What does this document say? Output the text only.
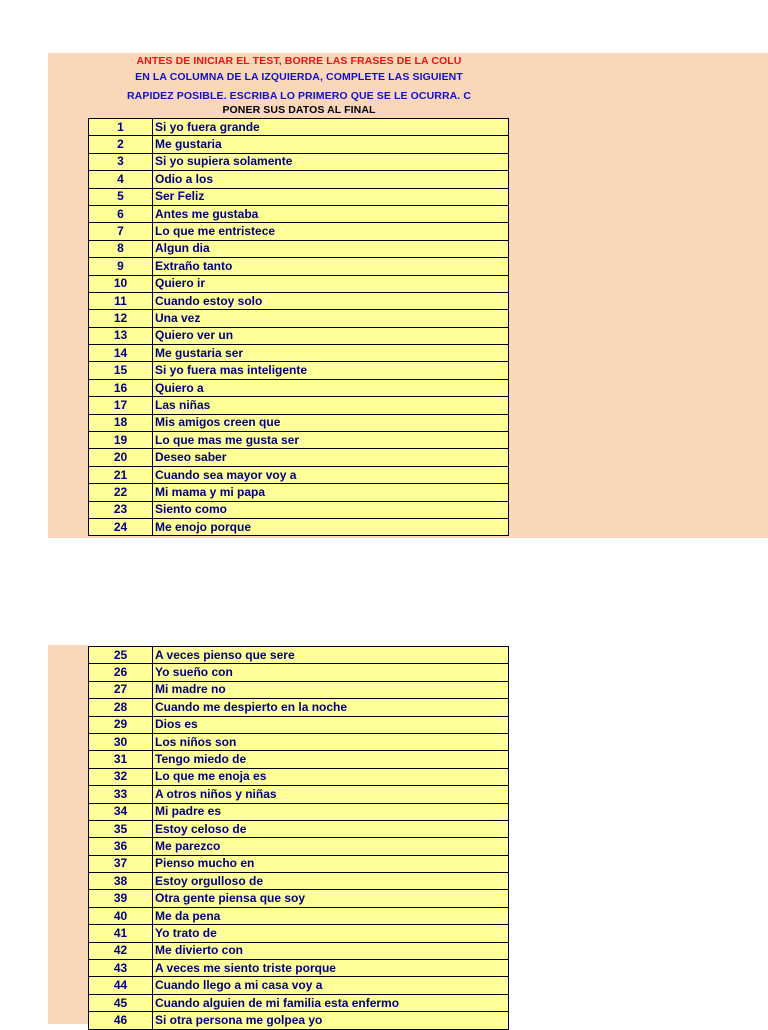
ANTES DE INICIAR EL TEST, BORRE LAS FRASES DE LA COLU
EN LA COLUMNA DE LA IZQUIERDA, COMPLETE LAS SIGUIENT
RAPIDEZ POSIBLE. ESCRIBA LO PRIMERO QUE SE LE OCURRA. C
PONER SUS DATOS AL FINAL
1	Si yo fuera grande
2	Me gustaria
3	Si yo supiera solamente
4	Odio a los
5	Ser Feliz
6	Antes me gustaba
7	Lo que me entristece
8	Algun dia
9	Extraño tanto
10	Quiero ir
11	Cuando estoy solo
12	Una vez
13	Quiero ver un
14	Me gustaria ser
15	Si yo fuera mas inteligente
16	Quiero a
17	Las niñas
18	Mis amigos creen que
19	Lo que mas me gusta ser
20	Deseo saber
21	Cuando sea mayor voy a
22	Mi mama y mi papa
23	Siento como
24	Me enojo porque
25	A veces pienso que sere
26	Yo sueño con
27	Mi madre no
28	Cuando me despierto en la noche
29	Dios es
30	Los niños son
31	Tengo miedo de
32	Lo que me enoja es
33	A otros niños y niñas
34	Mi padre es
35	Estoy celoso de
36	Me parezco
37	Pienso mucho en
38	Estoy orgulloso de
39	Otra gente piensa que soy
40	Me da pena
41	Yo trato de
42	Me divierto con
43	A veces me siento triste porque
44	Cuando llego a mi casa voy a
45	Cuando alguien de mi familia esta enfermo
46	Si otra persona me golpea yo
